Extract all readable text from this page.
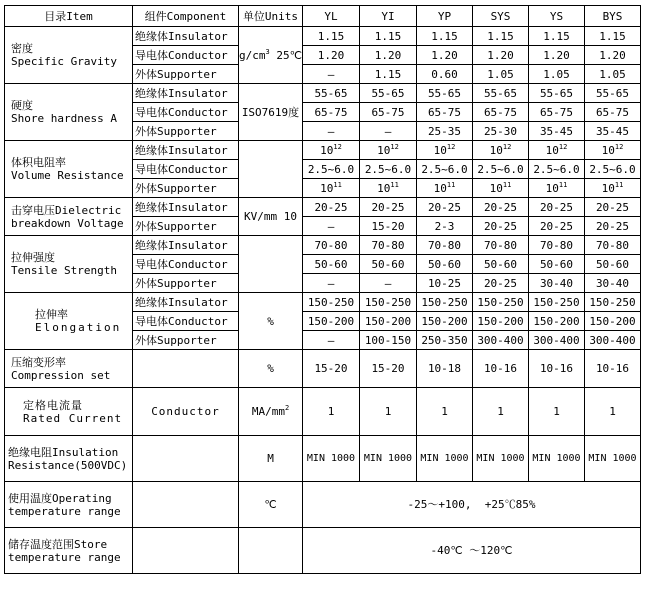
目录Item	组件Component	单位Units	YL	YI	YP	SYS	YS	BYS

密度
Specific Gravity	绝缘体Insulator	$g/cm^3$ 25℃	1.15	1.15	1.15	1.15	1.15	1.15
	导电体Conductor		1.20	1.20	1.20	1.20	1.20	1.20
	外体Supporter		–	1.15	0.60	1.05	1.05	1.05

硬度
Shore hardness A	绝缘体Insulator	ISO7619度	55-65	55-65	55-65	55-65	55-65	55-65
	导电体Conductor		65-75	65-75	65-75	65-75	65-75	65-75
	外体Supporter		–	–	25-35	25-30	35-45	35-45

体积电阻率
Volume Resistance	绝缘体Insulator		$10^{12}$	$10^{12}$	$10^{12}$	$10^{12}$	$10^{12}$	$10^{12}$
	导电体Conductor		2.5~6.0	2.5~6.0	2.5~6.0	2.5~6.0	2.5~6.0	2.5~6.0
	外体Supporter		$10^{11}$	$10^{11}$	$10^{11}$	$10^{11}$	$10^{11}$	$10^{11}$

击穿电压Dielectric
breakdown Voltage	绝缘体Insulator	KV/mm 10	20-25	20-25	20-25	20-25	20-25	20-25
	外体Supporter		–	15-20	2-3	20-25	20-25	20-25

拉伸强度
Tensile Strength	绝缘体Insulator		70-80	70-80	70-80	70-80	70-80	70-80
	导电体Conductor		50-60	50-60	50-60	50-60	50-60	50-60
	外体Supporter		–	–	10-25	20-25	30-40	30-40

拉伸率
Elongation	绝缘体Insulator	%	150-250	150-250	150-250	150-250	150-250	150-250
	导电体Conductor		150-200	150-200	150-200	150-200	150-200	150-200
	外体Supporter		–	100-150	250-350	300-400	300-400	300-400

压缩变形率
Compression set		%	15-20	15-20	10-18	10-16	10-16	10-16

定格电流量
Rated Current	Conductor	$MA/mm^2$	1	1	1	1	1	1

绝缘电阻Insulation
Resistance(500VDC)		M	MIN 1000	MIN 1000	MIN 1000	MIN 1000	MIN 1000	MIN 1000

使用温度Operating
temperature range		℃	-25～+100,  +25℃85%					

储存温度范围Store
temperature range			-40℃ ～120℃					
